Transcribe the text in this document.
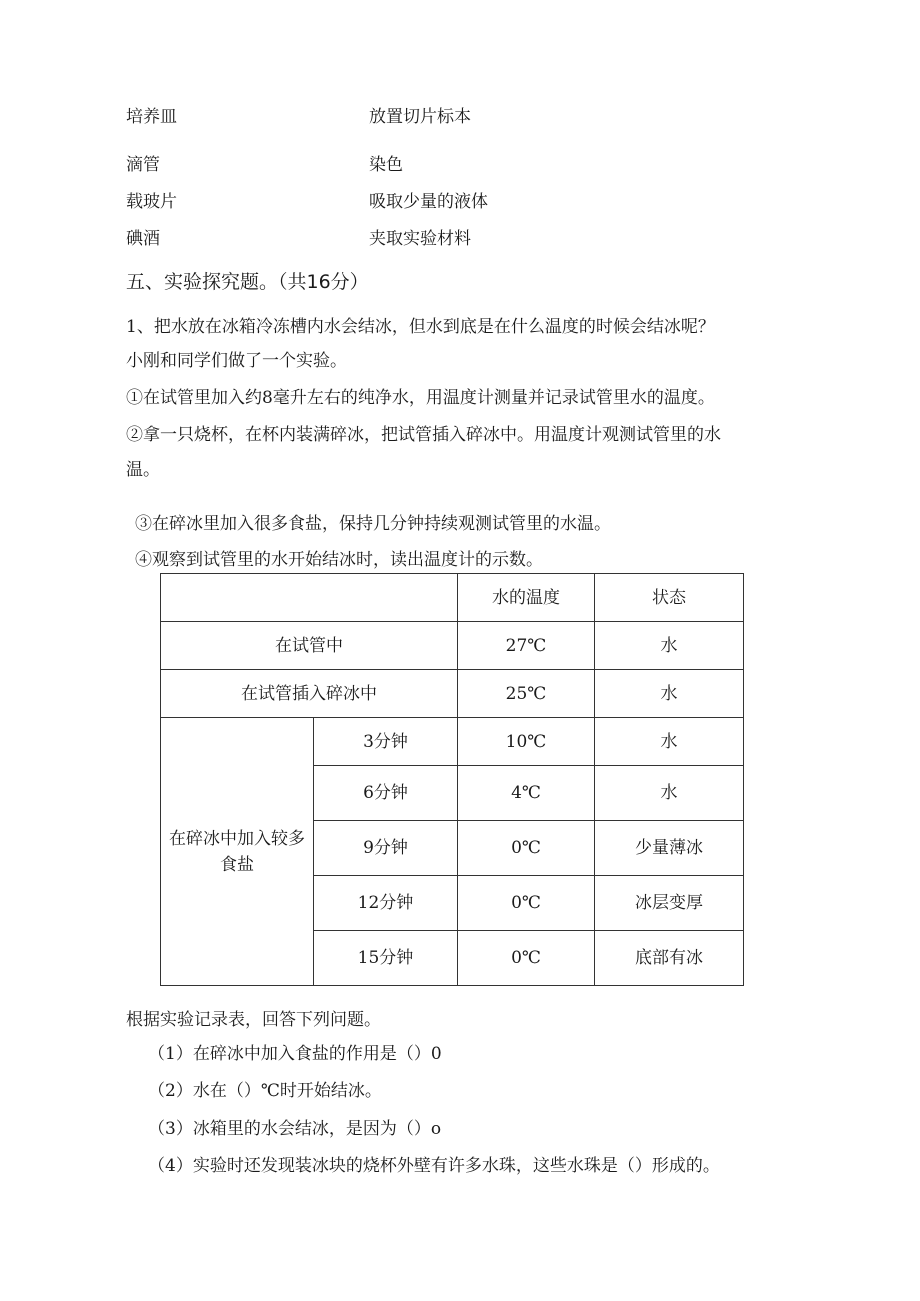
培养皿	放置切片标本
滴管	染色
载玻片	吸取少量的液体
碘酒	夹取实验材料
五、实验探究题。（共16分）
1、把水放在冰箱冷冻槽内水会结冰，但水到底是在什么温度的时候会结冰呢？
小刚和同学们做了一个实验。
①在试管里加入约8毫升左右的纯净水，用温度计测量并记录试管里水的温度。
②拿一只烧杯，在杯内装满碎冰，把试管插入碎冰中。用温度计观测试管里的水
温。
③在碎冰里加入很多食盐，保持几分钟持续观测试管里的水温。
④观察到试管里的水开始结冰时，读出温度计的示数。
		水的温度	状态
在试管中		27℃	水
在试管插入碎冰中		25℃	水
在碎冰中加入较多食盐	3分钟	10℃	水
	6分钟	4℃	水
	9分钟	0℃	少量薄冰
	12分钟	0℃	冰层变厚
	15分钟	0℃	底部有冰
根据实验记录表，回答下列问题。
（1）在碎冰中加入食盐的作用是（）0
（2）水在（）℃时开始结冰。
（3）冰箱里的水会结冰，是因为（）o
（4）实验时还发现装冰块的烧杯外壁有许多水珠，这些水珠是（）形成的。
